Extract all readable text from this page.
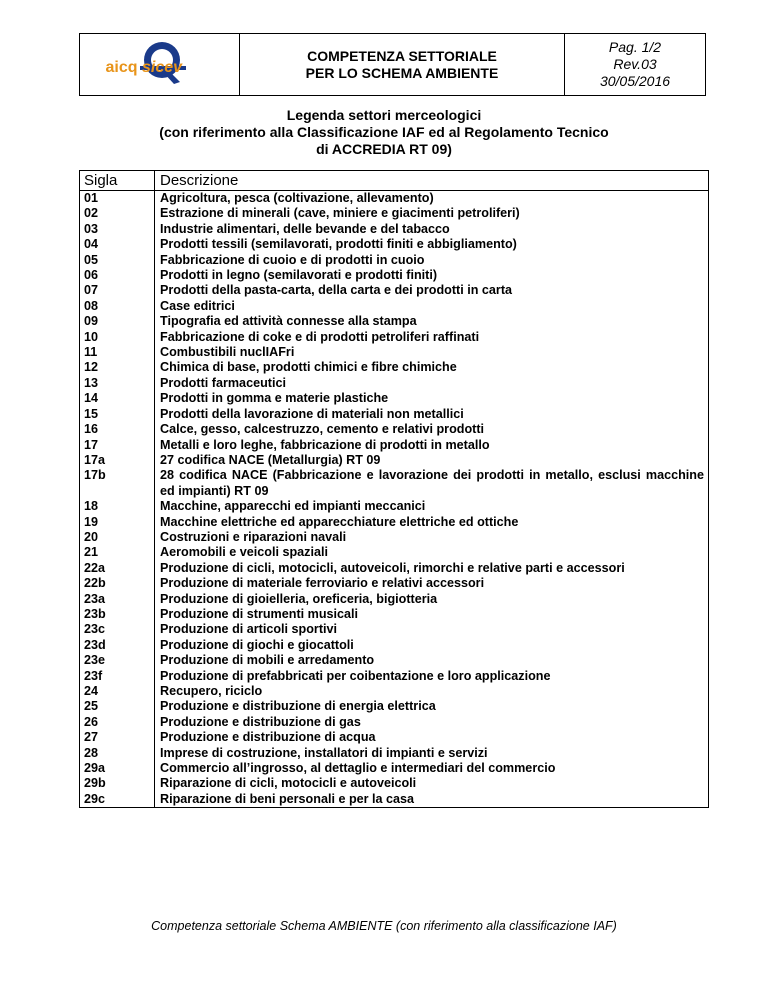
aicq sicev
COMPETENZA SETTORIALE
PER LO SCHEMA AMBIENTE
Pag. 1/2
Rev.03
30/05/2016
Legenda settori merceologici
(con riferimento alla Classificazione IAF ed al Regolamento Tecnico
di ACCREDIA RT 09)
Sigla	Descrizione
01	Agricoltura, pesca (coltivazione, allevamento)
02	Estrazione di minerali (cave, miniere e giacimenti petroliferi)
03	Industrie alimentari, delle bevande e del tabacco
04	Prodotti tessili (semilavorati, prodotti finiti e abbigliamento)
05	Fabbricazione di cuoio e di prodotti in cuoio
06	Prodotti in legno (semilavorati e prodotti finiti)
07	Prodotti della pasta-carta, della carta e dei prodotti in carta
08	Case editrici
09	Tipografia ed attività connesse alla stampa
10	Fabbricazione di coke e di prodotti petroliferi raffinati
11	Combustibili nuclIAFri
12	Chimica di base, prodotti chimici e fibre chimiche
13	Prodotti farmaceutici
14	Prodotti in gomma e materie plastiche
15	Prodotti della lavorazione di materiali non metallici
16	Calce, gesso, calcestruzzo, cemento e relativi prodotti
17	Metalli e loro leghe, fabbricazione di prodotti in metallo
17a	27 codifica NACE (Metallurgia) RT 09
17b	28 codifica NACE (Fabbricazione e lavorazione dei prodotti in metallo, esclusi macchine ed impianti) RT 09
18	Macchine, apparecchi ed impianti meccanici
19	Macchine elettriche ed apparecchiature elettriche ed ottiche
20	Costruzioni e riparazioni navali
21	Aeromobili e veicoli spaziali
22a	Produzione di cicli, motocicli, autoveicoli, rimorchi e relative parti e accessori
22b	Produzione di materiale ferroviario e relativi accessori
23a	Produzione di gioielleria, oreficeria, bigiotteria
23b	Produzione di strumenti musicali
23c	Produzione di articoli sportivi
23d	Produzione di giochi e giocattoli
23e	Produzione di mobili e arredamento
23f	Produzione di prefabbricati per coibentazione e loro applicazione
24	Recupero, riciclo
25	Produzione e distribuzione di energia elettrica
26	Produzione e distribuzione di gas
27	Produzione e distribuzione di acqua
28	Imprese di costruzione, installatori di impianti e servizi
29a	Commercio all’ingrosso, al dettaglio e intermediari del commercio
29b	Riparazione di cicli, motocicli e autoveicoli
29c	Riparazione di beni personali e per la casa
Competenza settoriale Schema AMBIENTE (con riferimento alla classificazione IAF)
